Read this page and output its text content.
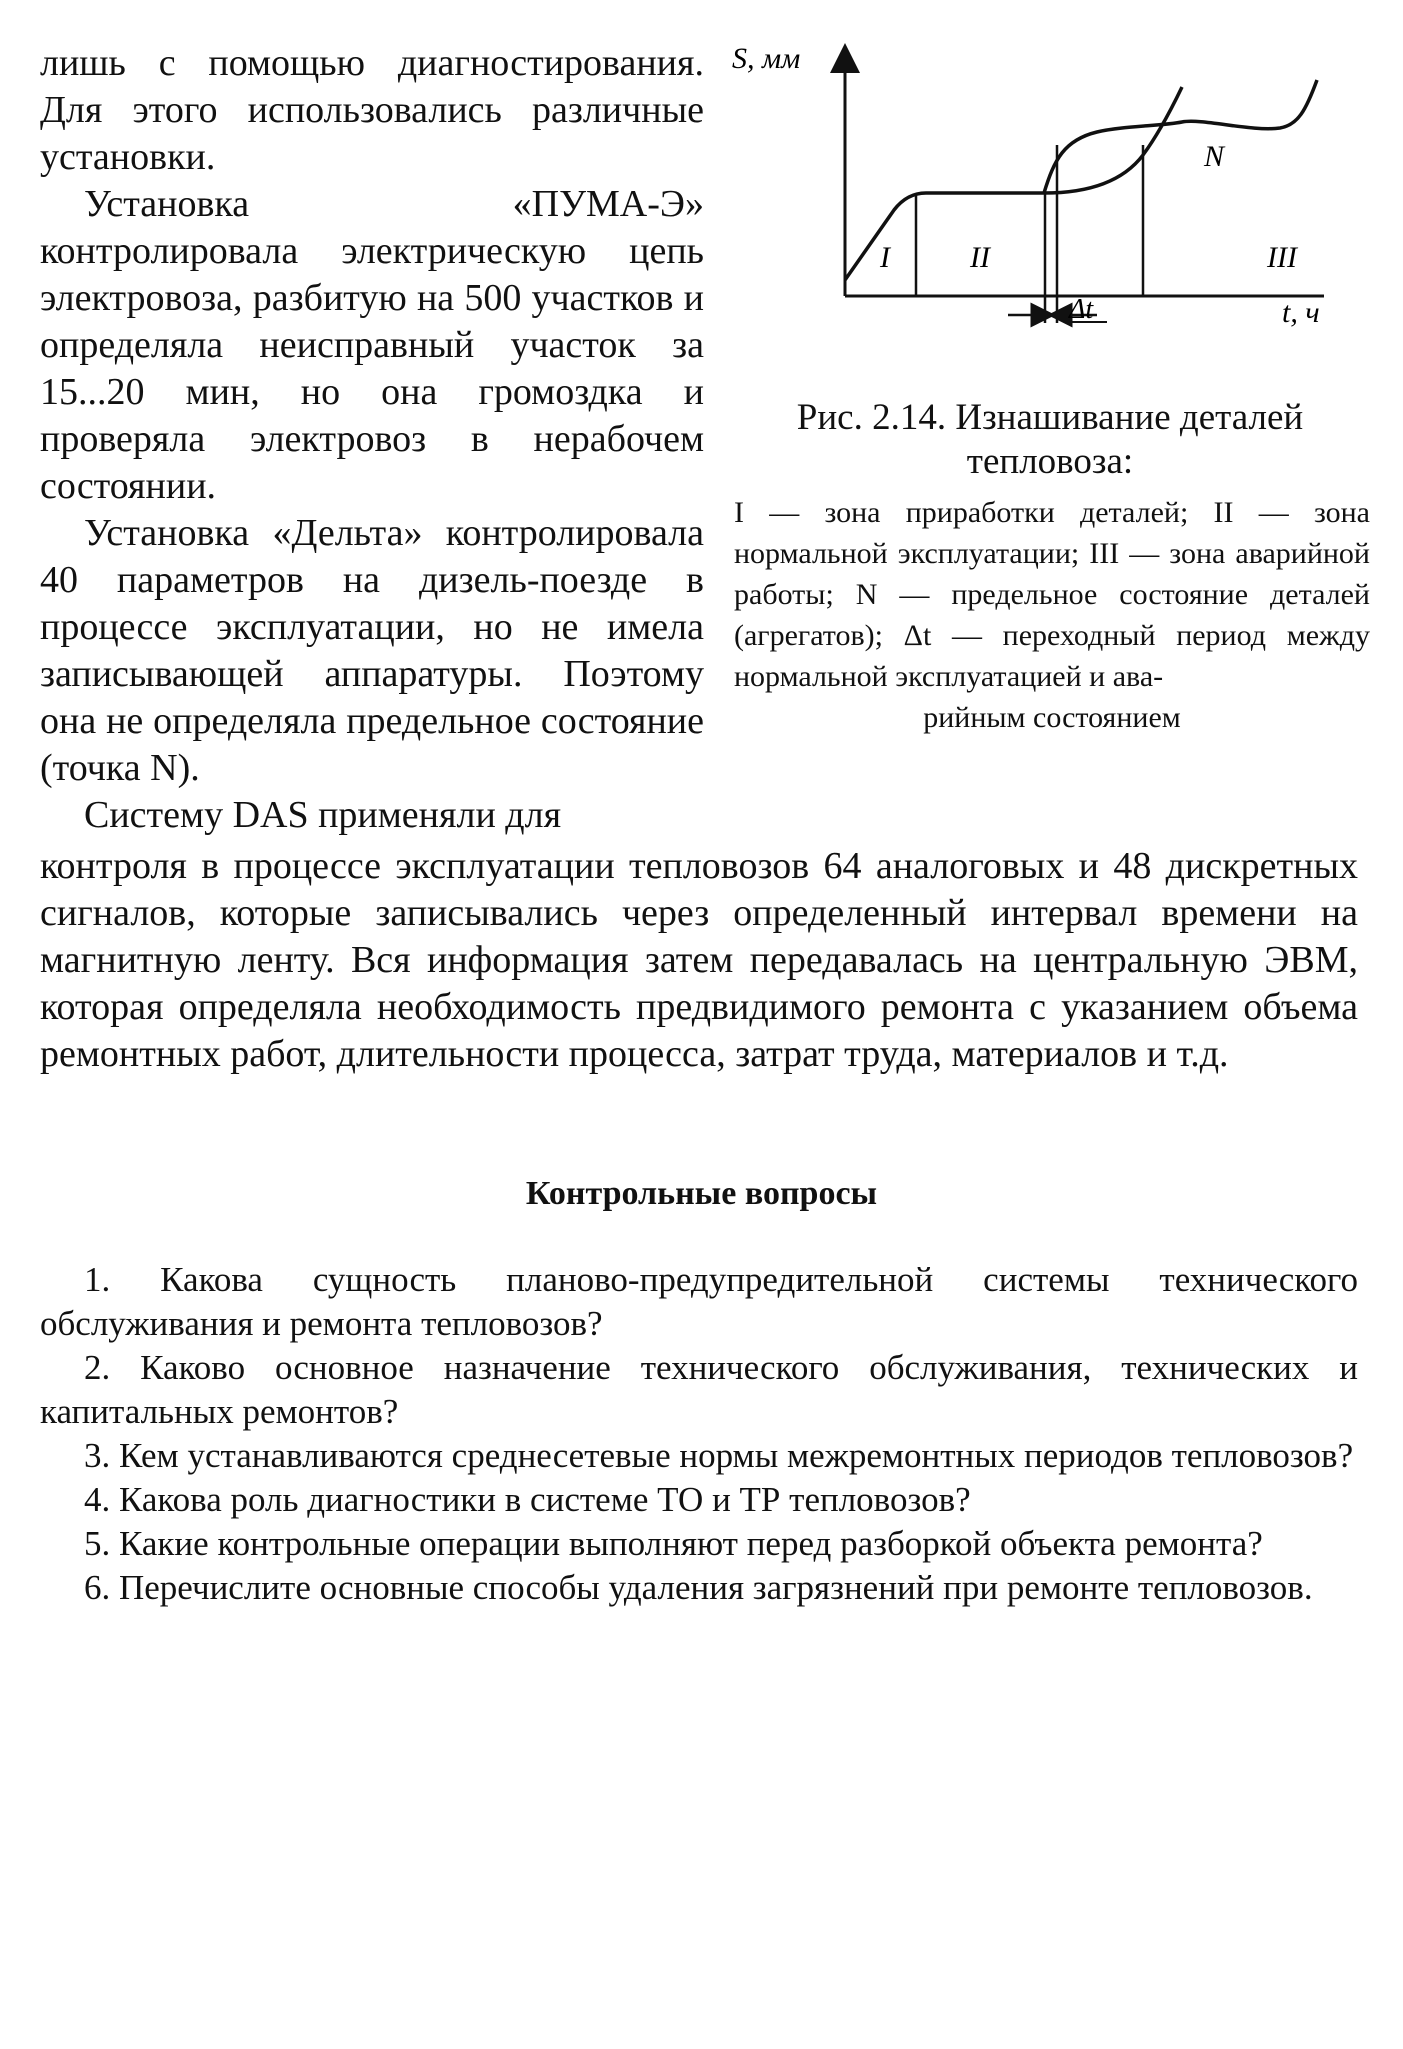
лишь с помощью диагностирования. Для этого использовались различные установки.

Установка «ПУМА-Э» контролировала электрическую цепь электровоза, разбитую на 500 участков и определяла неисправный участок за 15...20 мин, но она громоздка и проверяла электровоз в нерабочем состоянии.

Установка «Дельта» контролировала 40 параметров на дизель-поезде в процессе эксплуатации, но не имела записывающей аппаратуры. Поэтому она не определяла предельное состояние (точка N).

Систему DAS применяли для

S, мм
t, ч
I	II	III
N
Δt
Рис. 2.14. Изнашивание деталей
тепловоза:
I — зона приработки деталей; II — зона нормальной эксплуатации; III — зона аварийной работы; N — предельное состояние деталей (агрегатов); Δt — переходный период между нормальной эксплуатацией и ава-
рийным состоянием

контроля в процессе эксплуатации тепловозов 64 аналоговых и 48 дискретных сигналов, которые записывались через определенный интервал времени на магнитную ленту. Вся информация затем передавалась на центральную ЭВМ, которая определяла необходимость предвидимого ремонта с указанием объема ремонтных работ, длительности процесса, затрат труда, материалов и т.д.

Контрольные вопросы

1. Какова сущность планово-предупредительной системы технического обслуживания и ремонта тепловозов?

2. Каково основное назначение технического обслуживания, технических и капитальных ремонтов?

3. Кем устанавливаются среднесетевые нормы межремонтных периодов тепловозов?

4. Какова роль диагностики в системе ТО и ТР тепловозов?

5. Какие контрольные операции выполняют перед разборкой объекта ремонта?

6. Перечислите основные способы удаления загрязнений при ремонте тепловозов.
